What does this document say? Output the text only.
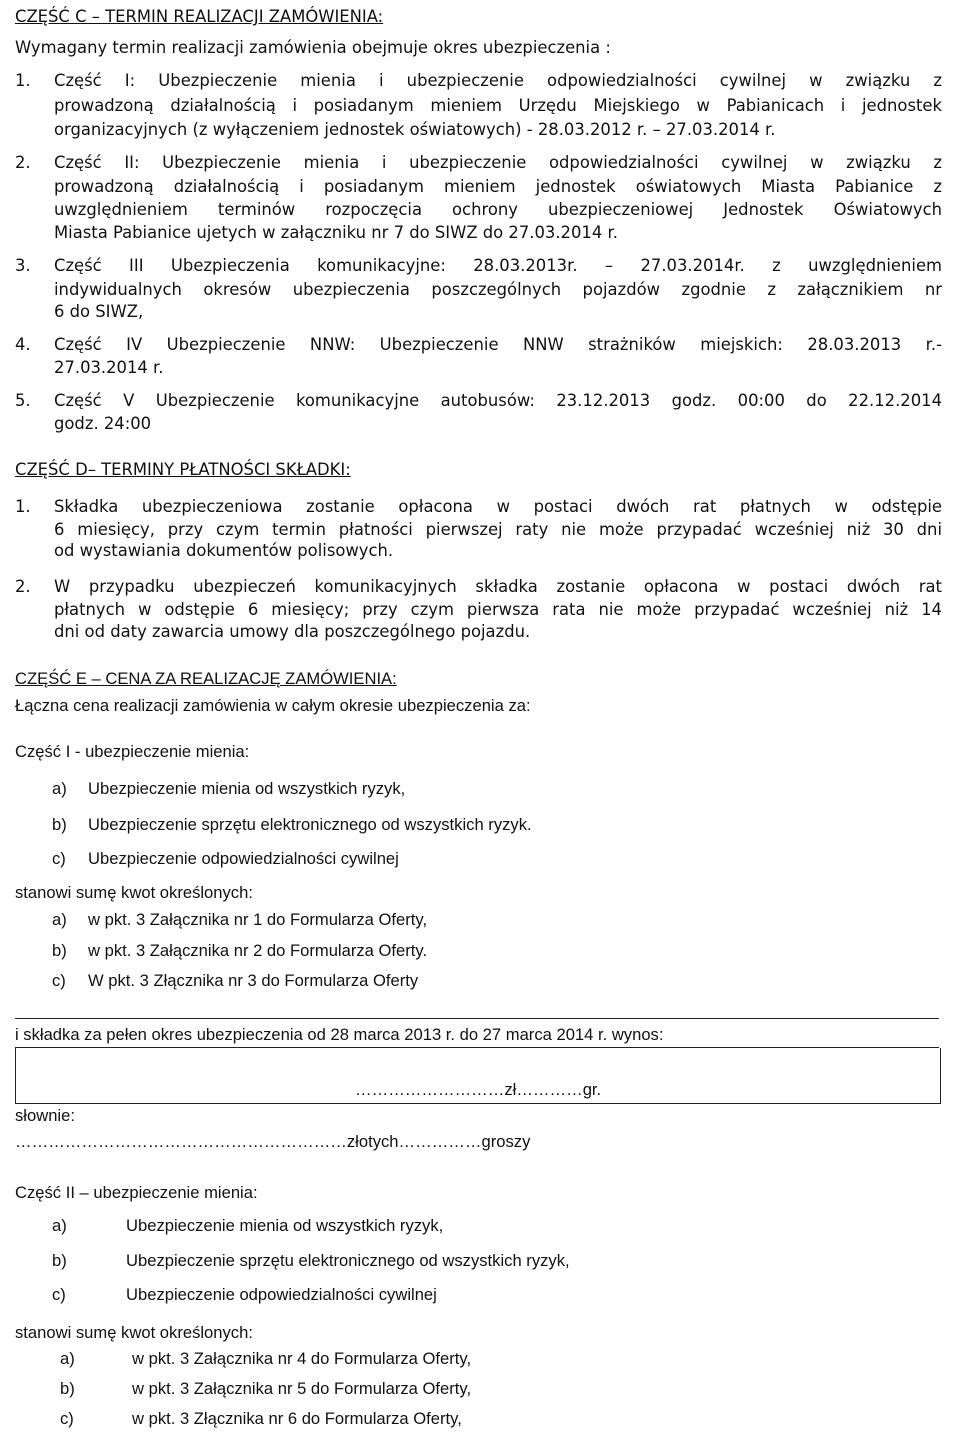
CZĘŚĆ C – TERMIN REALIZACJI ZAMÓWIENIA:
Wymagany termin realizacji zamówienia obejmuje okres ubezpieczenia :
1. Część I: Ubezpieczenie mienia i ubezpieczenie odpowiedzialności cywilnej w związku z
prowadzoną działalnością i posiadanym mieniem Urzędu Miejskiego w Pabianicach i jednostek
organizacyjnych (z wyłączeniem jednostek oświatowych) - 28.03.2012 r. – 27.03.2014 r.
2. Część II: Ubezpieczenie mienia i ubezpieczenie odpowiedzialności cywilnej w związku z
prowadzoną działalnością i posiadanym mieniem jednostek oświatowych Miasta Pabianice z
uwzględnieniem terminów rozpoczęcia ochrony ubezpieczeniowej Jednostek Oświatowych
Miasta Pabianice ujetych w załączniku nr 7 do SIWZ do 27.03.2014 r.
3. Część III Ubezpieczenia komunikacyjne: 28.03.2013r. – 27.03.2014r. z uwzględnieniem
indywidualnych okresów ubezpieczenia poszczególnych pojazdów zgodnie z załącznikiem nr
6 do SIWZ,
4. Część IV Ubezpieczenie NNW: Ubezpieczenie NNW strażników miejskich: 28.03.2013 r.-
27.03.2014 r.
5. Część V Ubezpieczenie komunikacyjne autobusów: 23.12.2013 godz. 00:00 do 22.12.2014
godz. 24:00
CZĘŚĆ D– TERMINY PŁATNOŚCI SKŁADKI:
1. Składka ubezpieczeniowa zostanie opłacona w postaci dwóch rat płatnych w odstępie
6 miesięcy, przy czym termin płatności pierwszej raty nie może przypadać wcześniej niż 30 dni
od wystawiania dokumentów polisowych.
2. W przypadku ubezpieczeń komunikacyjnych składka zostanie opłacona w postaci dwóch rat
płatnych w odstępie 6 miesięcy; przy czym pierwsza rata nie może przypadać wcześniej niż 14
dni od daty zawarcia umowy dla poszczególnego pojazdu.
CZĘŚĆ E – CENA ZA REALIZACJĘ ZAMÓWIENIA:
Łączna cena realizacji zamówienia w całym okresie ubezpieczenia za:
Część I - ubezpieczenie mienia:
a) Ubezpieczenie mienia od wszystkich ryzyk,
b) Ubezpieczenie sprzętu elektronicznego od wszystkich ryzyk.
c) Ubezpieczenie odpowiedzialności cywilnej
stanowi sumę kwot określonych:
a) w pkt. 3 Załącznika nr 1 do Formularza Oferty,
b) w pkt. 3 Załącznika nr 2 do Formularza Oferty.
c) W pkt. 3 Złącznika nr 3 do Formularza Oferty
i składka za pełen okres ubezpieczenia od 28 marca 2013 r. do 27 marca 2014 r. wynos:
………………………zł…………gr.
słownie:
……………………………………………………złotych……………groszy
Część II – ubezpieczenie mienia:
a)	Ubezpieczenie mienia od wszystkich ryzyk,
b)	Ubezpieczenie sprzętu elektronicznego od wszystkich ryzyk,
c)	Ubezpieczenie odpowiedzialności cywilnej
stanowi sumę kwot określonych:
a)	w pkt. 3 Załącznika nr 4 do Formularza Oferty,
b)	w pkt. 3 Załącznika nr 5 do Formularza Oferty,
c)	w pkt. 3 Złącznika nr 6 do Formularza Oferty,
